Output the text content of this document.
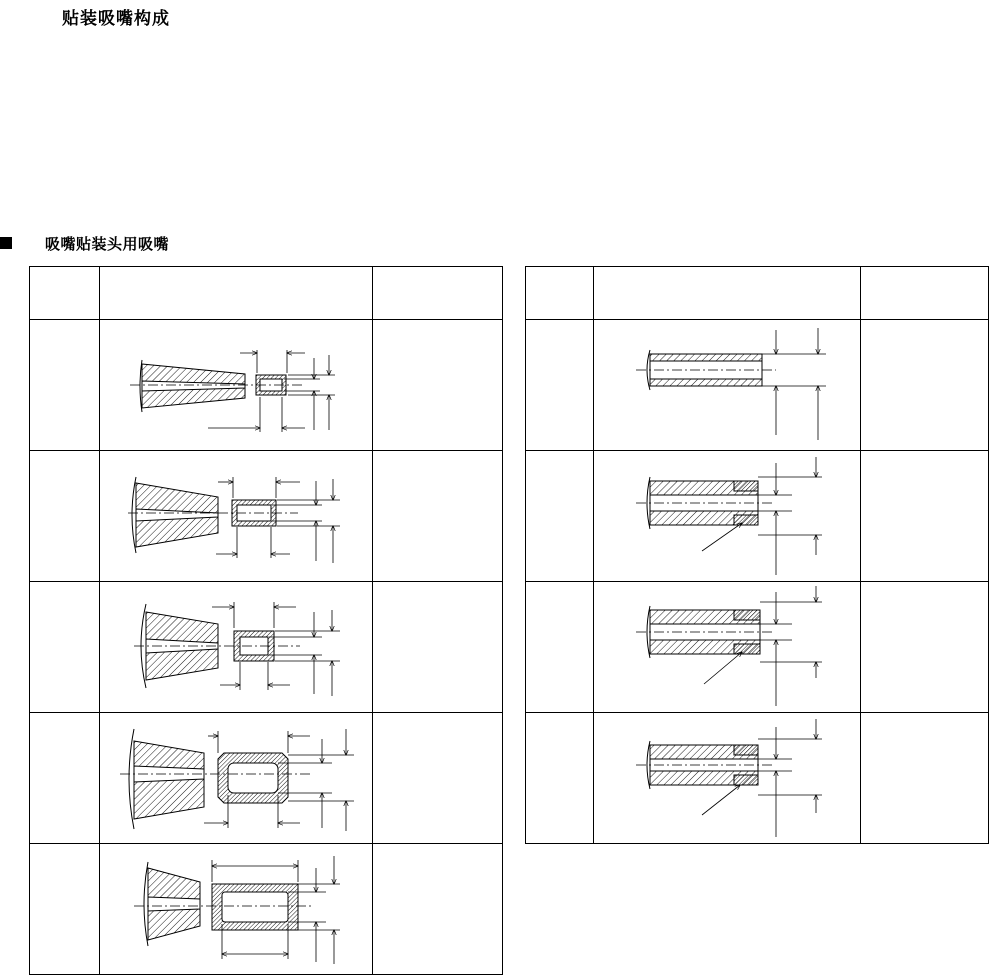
贴装吸嘴构成
吸嘴贴装头用吸嘴
